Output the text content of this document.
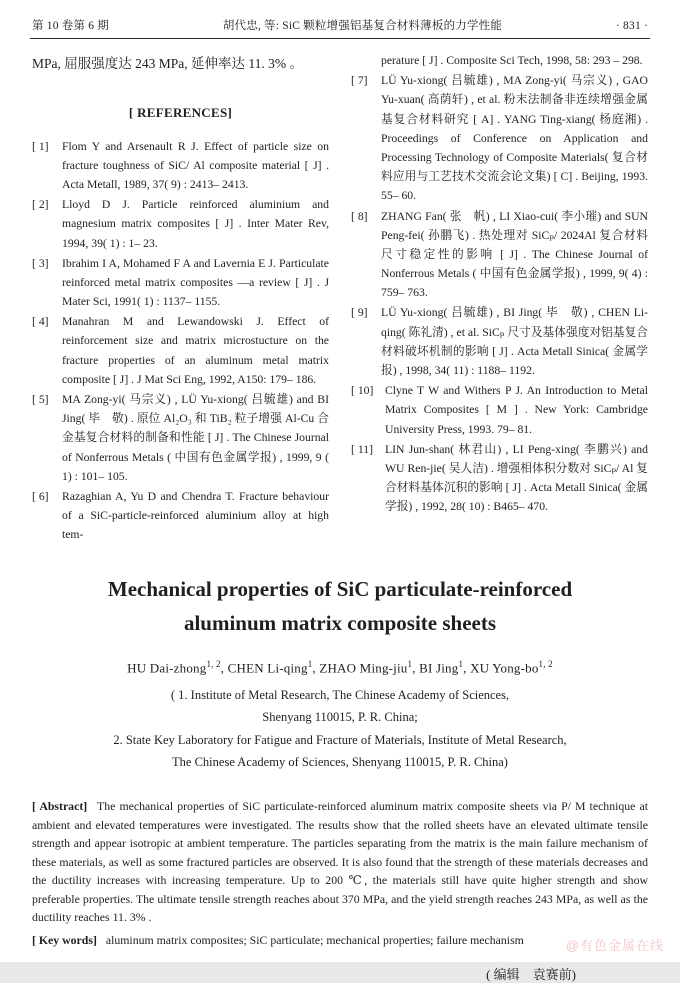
第 10 卷第 6 期	胡代忠, 等: SiC 颗粒增强铝基复合材料薄板的力学性能	· 831 ·

MPa, 屈服强度达 243 MPa, 延伸率达 11. 3% 。

[ REFERENCES]
[ 1]	Flom Y and Arsenault R J. Effect of particle size on fracture toughness of SiC/ Al composite material [ J] . Acta Metall, 1989, 37( 9) : 2413– 2413.
[ 2]	Lloyd D J. Particle reinforced aluminium and magnesium matrix composites [ J] . Inter Mater Rev, 1994, 39( 1) : 1– 23.
[ 3]	Ibrahim I A, Mohamed F A and Lavernia E J. Particulate reinforced metal matrix composites —a review [ J] . J Mater Sci, 1991( 1) : 1137– 1155.
[ 4]	Manahran M and Lewandowski J. Effect of reinforcement size and matrix microstucture on the fracture properties of an aluminum metal matrix composite [ J] . J Mat Sci Eng, 1992, A150: 179– 186.
[ 5]	MA Zong-yi( 马宗义) , LÜ Yu-xiong( 吕毓雄) and BI Jing( 毕　敬) . 原位 Al₂O₃ 和 TiB₂ 粒子增强 Al-Cu 合金基复合材料的制备和性能 [ J] . The Chinese Journal of Nonferrous Metals ( 中国有色金属学报) , 1999, 9 ( 1) : 101– 105.
[ 6]	Razaghian A, Yu D and Chendra T. Fracture behaviour of a SiC-particle-reinforced aluminium alloy at high tem-

perature [ J] . Composite Sci Tech, 1998, 58: 293 – 298.

[ 7]	LÜ Yu-xiong( 吕毓雄) , MA Zong-yi( 马宗义) , GAO Yu-xuan( 高荫轩) , et al. 粉末法制备非连续增强金属基复合材料研究 [ A] . YANG Ting-xiang( 杨庭湘) . Proceedings of Conference on Application and Processing Technology of Composite Materials( 复合材料应用与工艺技术交流会论文集) [ C] . Beijing, 1993. 55– 60.
[ 8]	ZHANG Fan( 张　帆) , LI Xiao-cui( 李小璀) and SUN Peng-fei( 孙鹏飞) . 热处理对 SiCₚ/ 2024Al 复合材料尺寸稳定性的影响 [ J] . The Chinese Journal of Nonferrous Metals ( 中国有色金属学报) , 1999, 9( 4) : 759– 763.
[ 9]	LÜ Yu-xiong( 吕毓雄) , BI Jing( 毕　敬) , CHEN Li-qing( 陈礼清) , et al. SiCₚ 尺寸及基体强度对铝基复合材料破坏机制的影响 [ J] . Acta Metall Sinica( 金属学报) , 1998, 34( 11) : 1188– 1192.
[ 10] Clyne T W and Withers P J. An Introduction to Metal Matrix Composites [ M ] . New York: Cambridge University Press, 1993. 79– 81.
[ 11]	LIN Jun-shan( 林君山) , LI Peng-xing( 李鹏兴) and WU Ren-jie( 吴人洁) . 增强相体积分数对 SiCₚ/ Al 复合材料基体沉积的影响 [ J] . Acta Metall Sinica( 金属学报) , 1992, 28( 10) : B465– 470.
Mechanical properties of SiC particulate-reinforced
aluminum matrix composite sheets
HU Dai-zhong$^{1, 2}$, CHEN Li-qing$^1$, ZHAO Ming-jiu$^1$, BI Jing$^1$, XU Yong-bo$^{1, 2}$
( 1. Institute of Metal Research, The Chinese Academy of Sciences,
Shenyang 110015, P. R. China;
2. State Key Laboratory for Fatigue and Fracture of Materials, Institute of Metal Research,
The Chinese Academy of Sciences, Shenyang 110015, P. R. China)

[ Abstract] The mechanical properties of SiC particulate-reinforced aluminum matrix composite sheets via P/ M technique at ambient and elevated temperatures were investigated. The results show that the rolled sheets have an elevated ultimate tensile strength and appear isotropic at ambient temperature. The particles separating from the matrix is the main failure mechanism of these materials, as well as some fractured particles are observed. It is also found that the strength of these materials decreases and the ductility increases with increasing temperature. Up to 200 ℃, the materials still have quite higher strength and show preferable properties. The ultimate tensile strength reaches about 370 MPa, and the yield strength reaches 243 MPa, as well as the ductility reaches 11. 3% .

[ Key words] aluminum matrix composites; SiC particulate; mechanical properties; failure mechanism

( 编辑　袁赛前)
@有色金属在线
